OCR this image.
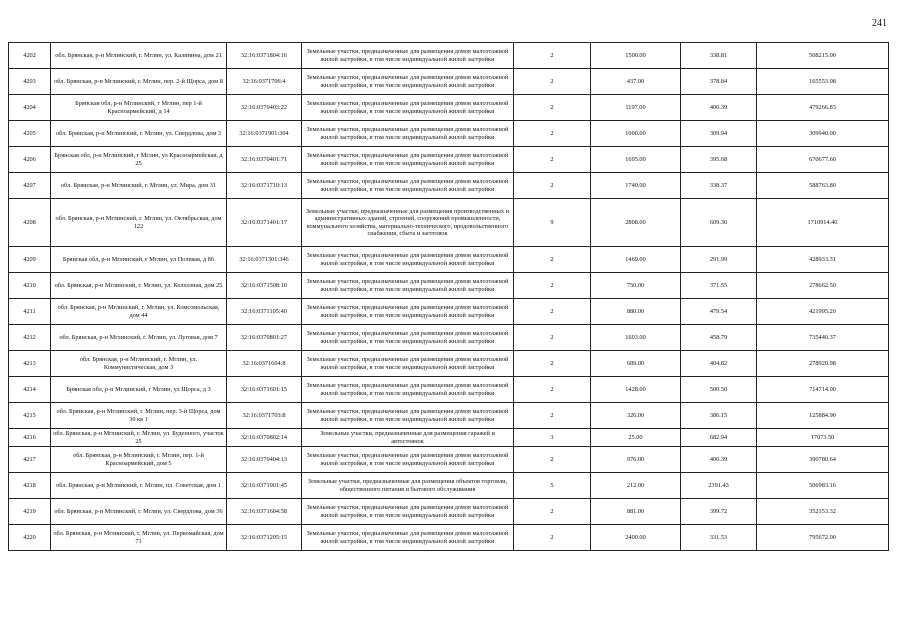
241
4202	обл. Брянская, р-н Мглинский, г. Мглин, ул. Калинина, дом 21	32:16:0371804:16	Земельные участки, предназначенные для размещения домов малоэтажной жилой застройки, в том числе индивидуальной жилой застройки	2	1500.00	338.81	508215.00
4203	обл. Брянская, р-н Мглинский, г. Мглин, пер. 2-й Щорса, дом 8	32:16:0371706:4	Земельные участки, предназначенные для размещения домов малоэтажной жилой застройки, в том числе индивидуальной жилой застройки	2	437.00	378.84	165553.08
4204	Брянская обл, р-н Мглинский, г Мглин, пер 1-й Красноармейский, д 14	32:16:0370403:22	Земельные участки, предназначенные для размещения домов малоэтажной жилой застройки, в том числе индивидуальной жилой застройки	2	1197.00	400.39	479266.83
4205	обл. Брянская, р-н Мглинский, г. Мглин, ул. Свердлова, дом 3	32:16:0371901:304	Земельные участки, предназначенные для размещения домов малоэтажной жилой застройки, в том числе индивидуальной жилой застройки	2	1000.00	309.94	309940.00
4206	Брянская обл, р-н Мглинский, г Мглин, ул Красноармейская, д 25	32:16:0370401:71	Земельные участки, предназначенные для размещения домов малоэтажной жилой застройки, в том числе индивидуальной жилой застройки	2	1695.00	395.68	670677.60
4207	обл. Брянская, р-н Мглинский, г. Мглин, ул. Мира, дом 31	32:16:0371710:13	Земельные участки, предназначенные для размещения домов малоэтажной жилой застройки, в том числе индивидуальной жилой застройки	2	1740.00	338.37	588763.80
4208	обл. Брянская, р-н Мглинский, г. Мглин, ул. Октябрьская, дом 122	32:16:0371401:17	Земельные участки, предназначенные для размещения производственных и административных зданий, строений, сооружений промышленности, коммунального хозяйства, материально-технического, продовольственного снабжения, сбыта и заготовок	9	2808.00	609.30	1710914.40
4209	Брянская обл, р-н Мглинский, г Мглин, ул Полевая, д 86	32:16:0371301:346	Земельные участки, предназначенные для размещения домов малоэтажной жилой застройки, в том числе индивидуальной жилой застройки	2	1469.00	291.99	428933.31
4210	обл. Брянская, р-н Мглинский, г. Мглин, ул. Колхозная, дом 25	32:16:0371508:10	Земельные участки, предназначенные для размещения домов малоэтажной жилой застройки, в том числе индивидуальной жилой застройки	2	750.00	371.55	278662.50
4211	обл. Брянская, р-н Мглинский, г. Мглин, ул. Комсомольская, дом 44	32:16:0371105:40	Земельные участки, предназначенные для размещения домов малоэтажной жилой застройки, в том числе индивидуальной жилой застройки	2	880.00	479.54	421995.20
4212	обл. Брянская, р-н Мглинский, г. Мглин, ул. Луговая, дом 7	32:16:0370801:27	Земельные участки, предназначенные для размещения домов малоэтажной жилой застройки, в том числе индивидуальной жилой застройки	2	1603.00	458.79	735440.37
4213	обл. Брянская, р-н Мглинский, г. Мглин, ул. Коммунистическая, дом 3	32:16:0371604:8	Земельные участки, предназначенные для размещения домов малоэтажной жилой застройки, в том числе индивидуальной жилой застройки	2	689.00	404.82	278920.98
4214	Брянская обл, р-н Мглинский, г Мглин, ул Щорса, д 3	32:16:0371601:15	Земельные участки, предназначенные для размещения домов малоэтажной жилой застройки, в том числе индивидуальной жилой застройки	2	1428.00	500.50	714714.00
4215	обл. Брянская, р-н Мглинский, г. Мглин, пер. 3-й Щорса, дом 30 кв 1	32:16:0371703:8	Земельные участки, предназначенные для размещения домов малоэтажной жилой застройки, в том числе индивидуальной жилой застройки	2	326.00	386.15	125884.90
4216	обл. Брянская, р-н Мглинский, г. Мглин, ул. Буденного, участок 25	32:16:0370802:14	Земельные участки, предназначенные для размещения гаражей и автостоянок	3	25.00	682.94	17073.50
4217	обл. Брянская, р-н Мглинский, г. Мглин, пер. 1-й Красноармейский, дом 5	32:16:0370404:13	Земельные участки, предназначенные для размещения домов малоэтажной жилой застройки, в том числе индивидуальной жилой застройки	2	976.00	400.39	390780.64
4218	обл. Брянская, р-н Мглинский, г. Мглин, пл. Советская, дом 1	32:16:0371001:45	Земельные участки, предназначенные для размещения объектов торговли, общественного питания и бытового обслуживания	5	212.00	2391.43	506983.16
4219	обл. Брянская, р-н Мглинский, г. Мглин, ул. Свердлова, дом 36	32:16:0371604:58	Земельные участки, предназначенные для размещения домов малоэтажной жилой застройки, в том числе индивидуальной жилой застройки	2	881.00	399.72	352153.32
4220	обл. Брянская, р-н Мглинский, г. Мглин, ул. Первомайская, дом 71	32:16:0371205:15	Земельные участки, предназначенные для размещения домов малоэтажной жилой застройки, в том числе индивидуальной жилой застройки	2	2400.00	331.53	795672.00
